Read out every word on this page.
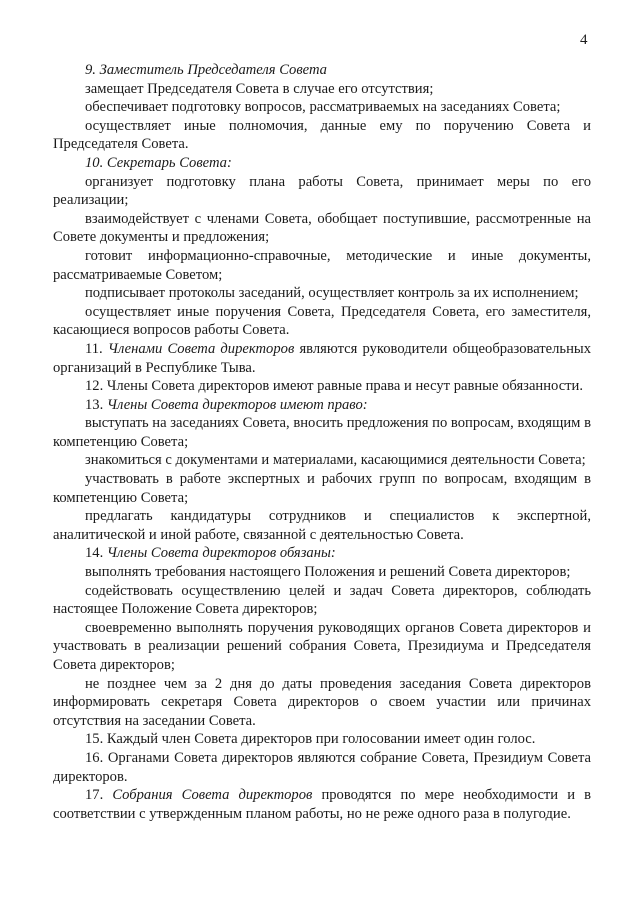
4

9. Заместитель Председателя Совета

замещает Председателя Совета в случае его отсутствия;

обеспечивает подготовку вопросов, рассматриваемых на заседаниях Совета;

осуществляет иные полномочия, данные ему по поручению Совета и Председателя Совета.

10. Секретарь Совета:

организует подготовку плана работы Совета, принимает меры по его реализации;

взаимодействует с членами Совета, обобщает поступившие, рассмотренные на Совете документы и предложения;

готовит информационно-справочные, методические и иные документы, рассматриваемые Советом;

подписывает протоколы заседаний, осуществляет контроль за их исполнением;

осуществляет иные поручения Совета, Председателя Совета, его заместителя, касающиеся вопросов работы Совета.

11. Членами Совета директоров являются руководители общеобразовательных организаций в Республике Тыва.

12. Члены Совета директоров имеют равные права и несут равные обязанности.

13. Члены Совета директоров имеют право:

выступать на заседаниях Совета, вносить предложения по вопросам, входящим в компетенцию Совета;

знакомиться с документами и материалами, касающимися деятельности Совета;

участвовать в работе экспертных и рабочих групп по вопросам, входящим в компетенцию Совета;

предлагать кандидатуры сотрудников и специалистов к экспертной, аналитической и иной работе, связанной с деятельностью Совета.

14. Члены Совета директоров обязаны:

выполнять требования настоящего Положения и решений Совета директоров;

содействовать осуществлению целей и задач Совета директоров, соблюдать настоящее Положение Совета директоров;

своевременно выполнять поручения руководящих органов Совета директоров и участвовать в реализации решений собрания Совета, Президиума и Председателя Совета директоров;

не позднее чем за 2 дня до даты проведения заседания Совета директоров информировать секретаря Совета директоров о своем участии или причинах отсутствия на заседании Совета.

15. Каждый член Совета директоров при голосовании имеет один голос.

16. Органами Совета директоров являются собрание Совета, Президиум Совета директоров.

17. Собрания Совета директоров проводятся по мере необходимости и в соответствии с утвержденным планом работы, но не реже одного раза в полугодие.
